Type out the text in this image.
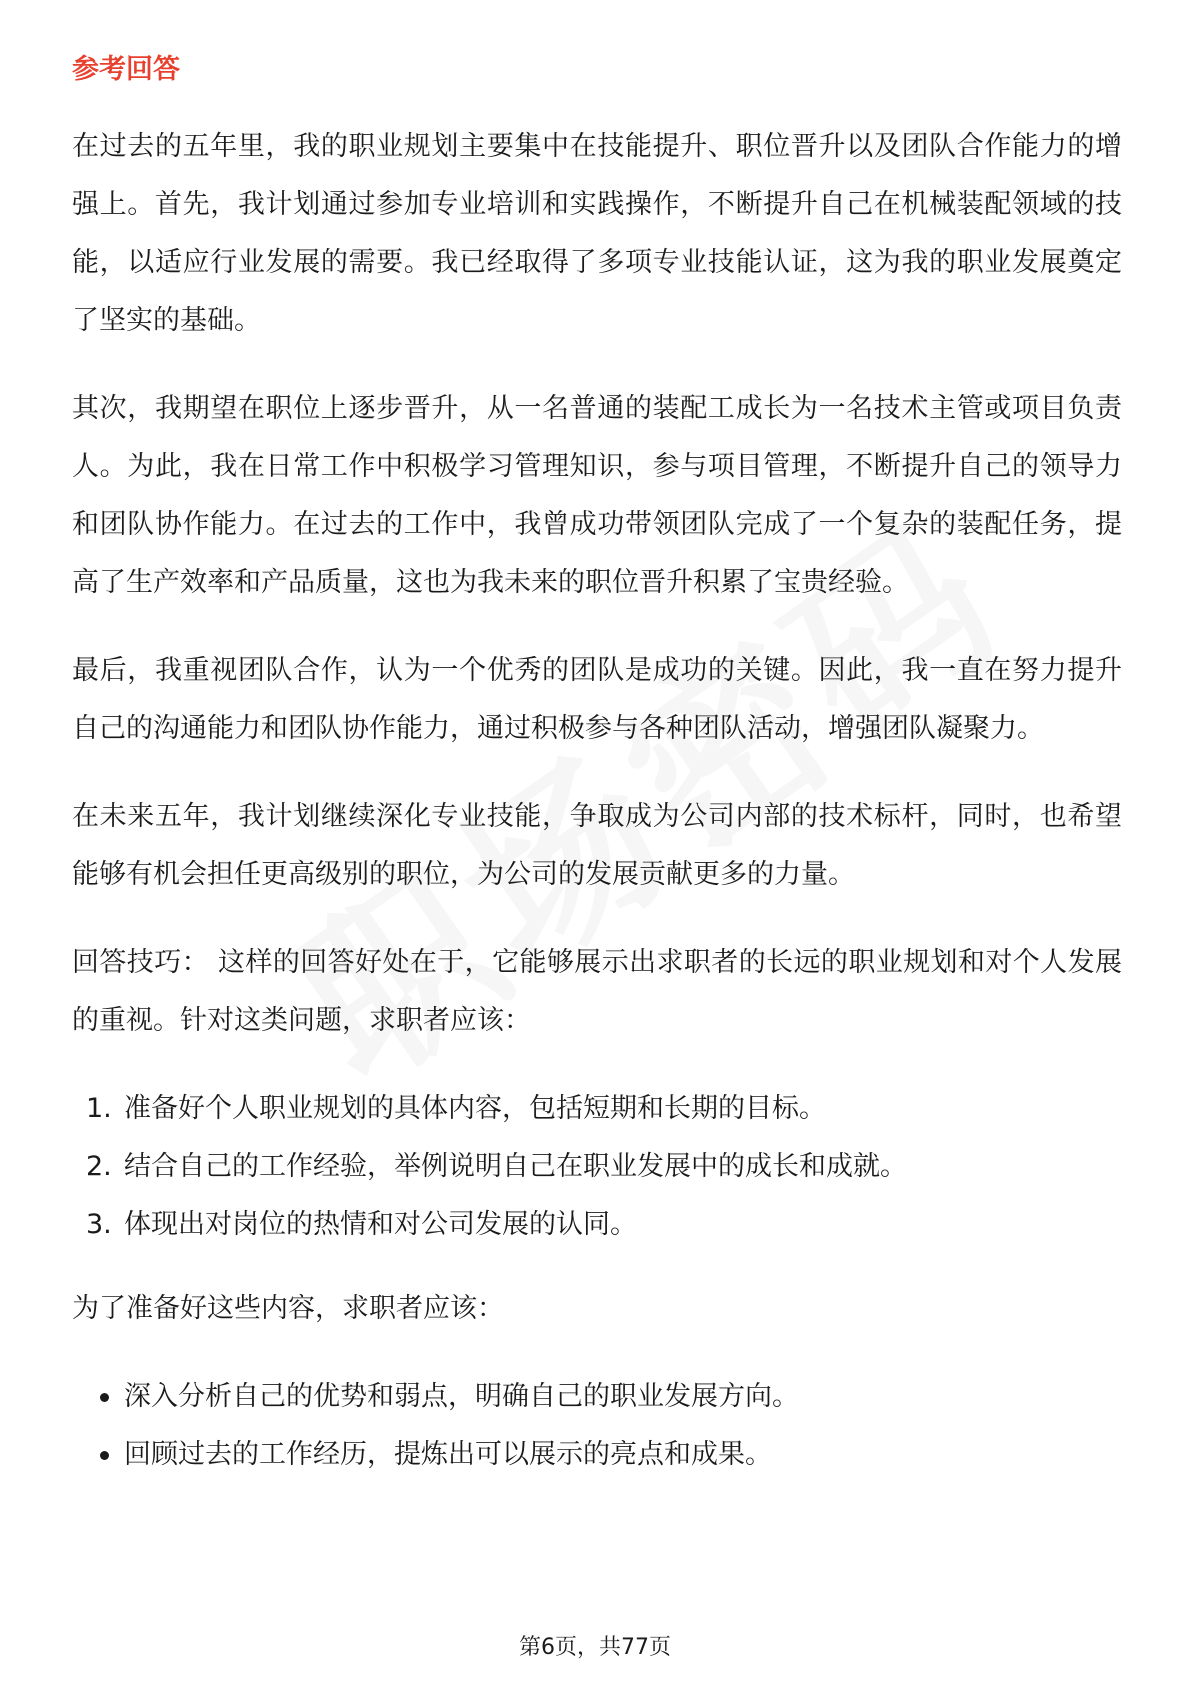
参考回答

在过去的五年里，我的职业规划主要集中在技能提升、职位晋升以及团队合作能力的增强上。首先，我计划通过参加专业培训和实践操作，不断提升自己在机械装配领域的技能，以适应行业发展的需要。我已经取得了多项专业技能认证，这为我的职业发展奠定了坚实的基础。

其次，我期望在职位上逐步晋升，从一名普通的装配工成长为一名技术主管或项目负责人。为此，我在日常工作中积极学习管理知识，参与项目管理，不断提升自己的领导力和团队协作能力。在过去的工作中，我曾成功带领团队完成了一个复杂的装配任务，提高了生产效率和产品质量，这也为我未来的职位晋升积累了宝贵经验。

最后，我重视团队合作，认为一个优秀的团队是成功的关键。因此，我一直在努力提升自己的沟通能力和团队协作能力，通过积极参与各种团队活动，增强团队凝聚力。

在未来五年，我计划继续深化专业技能，争取成为公司内部的技术标杆，同时，也希望能够有机会担任更高级别的职位，为公司的发展贡献更多的力量。

回答技巧： 这样的回答好处在于，它能够展示出求职者的长远的职业规划和对个人发展的重视。针对这类问题，求职者应该：

1. 准备好个人职业规划的具体内容，包括短期和长期的目标。
2. 结合自己的工作经验，举例说明自己在职业发展中的成长和成就。
3. 体现出对岗位的热情和对公司发展的认同。

为了准备好这些内容，求职者应该：

深入分析自己的优势和弱点，明确自己的职业发展方向。
回顾过去的工作经历，提炼出可以展示的亮点和成果。
第6页，共77页
